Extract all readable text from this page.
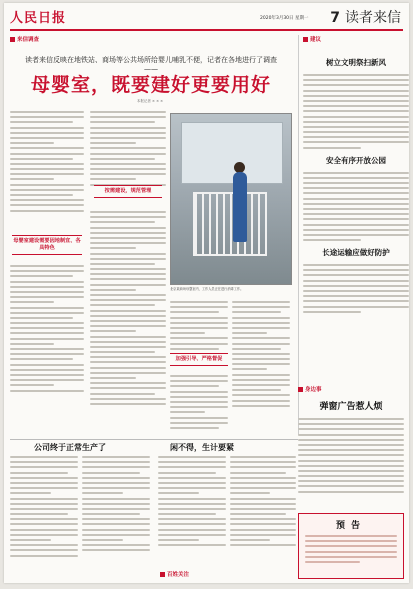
人民日报	2020年3月30日 星期一 7 读者来信
来信调查
读者来信反映在地铁站、商场等公共场所给婴儿哺乳不便，记者在各地进行了调查——
母婴室，既要建好更要用好
本报记者 × × ×
母婴室建设需要因地制宜、各具特色
按需建设，规范管理
北京某商场母婴室内，工作人员正在进行消毒工作。
加强引导、严格督促
建议
树立文明祭扫新风
安全有序开放公园
长途运输应做好防护
身边事
弹窗广告惹人烦
公司终于正常生产了	闲不得，生计要紧
百姓关注
预告
